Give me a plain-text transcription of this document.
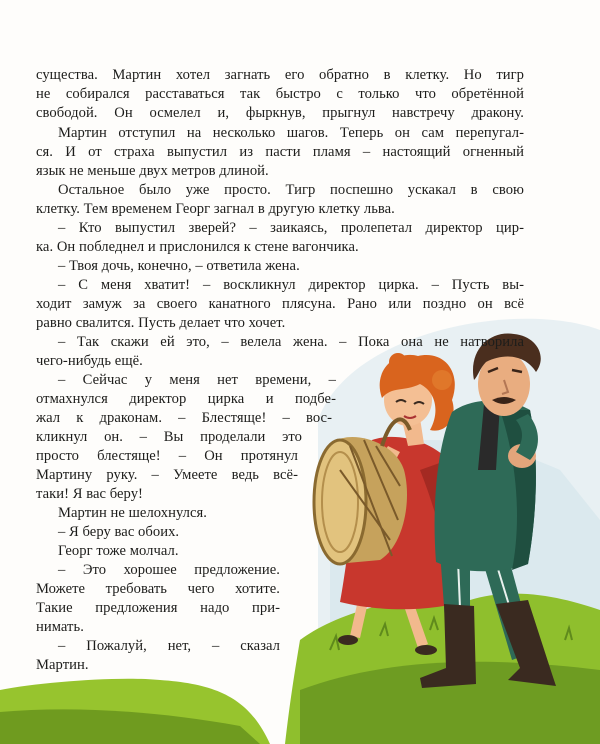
существа. Мартин хотел загнать его обратно в клетку. Но тигр
не собирался расставаться так быстро с только что обретённой
свободой. Он осмелел и, фыркнув, прыгнул навстречу дракону.
Мартин отступил на несколько шагов. Теперь он сам перепугал-
ся. И от страха выпустил из пасти пламя – настоящий огненный
язык не меньше двух метров длиной.
Остальное было уже просто. Тигр поспешно ускакал в свою
клетку. Тем временем Георг загнал в другую клетку льва.
– Кто выпустил зверей? – заикаясь, пролепетал директор цир-
ка. Он побледнел и прислонился к стене вагончика.
– Твоя дочь, конечно, – ответила жена.
– С меня хватит! – воскликнул директор цирка. – Пусть вы-
ходит замуж за своего канатного плясуна. Рано или поздно он всё
равно свалится. Пусть делает что хочет.
– Так скажи ей это, – велела жена. – Пока она не натворила
чего-нибудь ещё.
– Сейчас у меня нет времени, –
отмахнулся директор цирка и подбе-
жал к драконам. – Блестяще! – вос-
кликнул он. – Вы проделали это
просто блестяще! – Он протянул
Мартину руку. – Умеете ведь всё-
таки! Я вас беру!
Мартин не шелохнулся.
– Я беру вас обоих.
Георг тоже молчал.
– Это хорошее предложение.
Можете требовать чего хотите.
Такие предложения надо при-
нимать.
– Пожалуй, нет, – сказал
Мартин.
